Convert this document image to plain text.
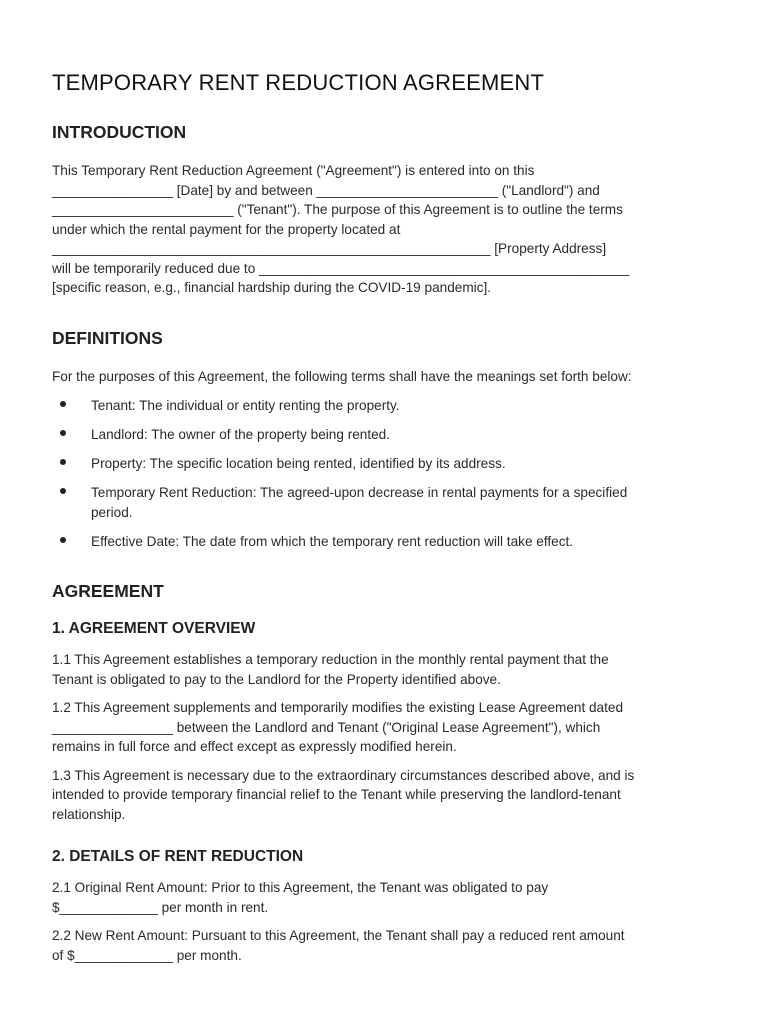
TEMPORARY RENT REDUCTION AGREEMENT
INTRODUCTION

This Temporary Rent Reduction Agreement ("Agreement") is entered into on this

________________ [Date] by and between ________________________ ("Landlord") and

________________________ ("Tenant"). The purpose of this Agreement is to outline the terms

under which the rental payment for the property located at

__________________________________________________________ [Property Address]

will be temporarily reduced due to _________________________________________________

[specific reason, e.g., financial hardship during the COVID-19 pandemic].

DEFINITIONS

For the purposes of this Agreement, the following terms shall have the meanings set forth below:

Tenant: The individual or entity renting the property.
Landlord: The owner of the property being rented.
Property: The specific location being rented, identified by its address.
Temporary Rent Reduction: The agreed-upon decrease in rental payments for a specified
period.
Effective Date: The date from which the temporary rent reduction will take effect.
AGREEMENT
1. AGREEMENT OVERVIEW

1.1 This Agreement establishes a temporary reduction in the monthly rental payment that the

Tenant is obligated to pay to the Landlord for the Property identified above.

1.2 This Agreement supplements and temporarily modifies the existing Lease Agreement dated

________________ between the Landlord and Tenant ("Original Lease Agreement"), which

remains in full force and effect except as expressly modified herein.

1.3 This Agreement is necessary due to the extraordinary circumstances described above, and is

intended to provide temporary financial relief to the Tenant while preserving the landlord-tenant

relationship.

2. DETAILS OF RENT REDUCTION

2.1 Original Rent Amount: Prior to this Agreement, the Tenant was obligated to pay

$_____________ per month in rent.

2.2 New Rent Amount: Pursuant to this Agreement, the Tenant shall pay a reduced rent amount

of $_____________ per month.
